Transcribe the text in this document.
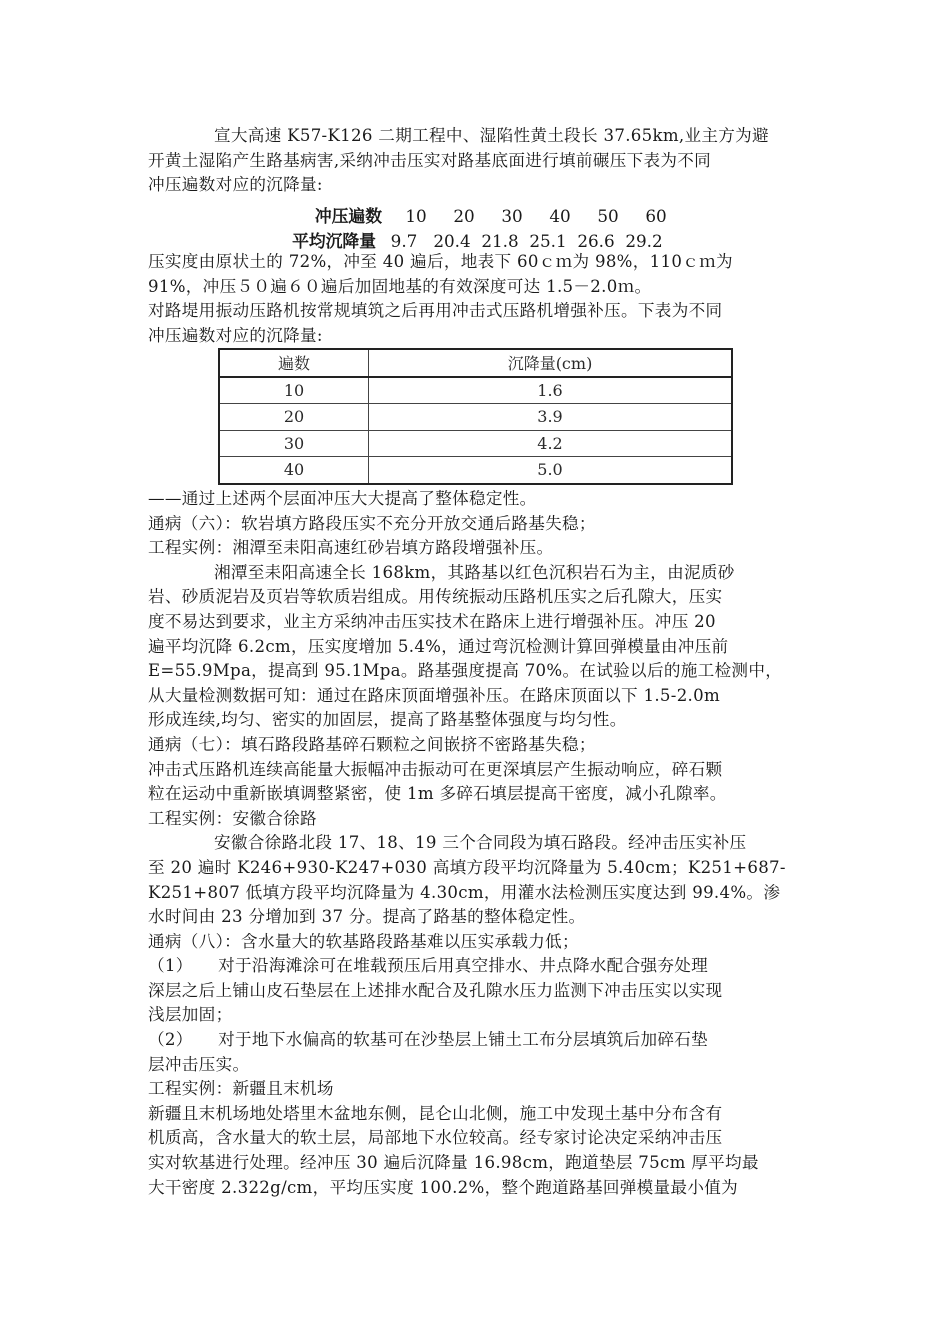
宣大高速 K57-K126 二期工程中、湿陷性黄土段长 37.65km,业主方为避

开黄土湿陷产生路基病害,采纳冲击压实对路基底面进行填前碾压下表为不同

冲压遍数对应的沉降量:

冲压遍数	10	20	30	40	50	60
平均沉降量 9.7 20.4 21.8 25.1 26.6 29.2

压实度由原状土的 72%，冲至 40 遍后，地表下 60ｃｍ为 98%，110ｃｍ为

91%，冲压５０遍６０遍后加固地基的有效深度可达 1.5－2.0ｍ。

对路堤用振动压路机按常规填筑之后再用冲击式压路机增强补压。下表为不同

冲压遍数对应的沉降量:

遍数	沉降量(cm)
10	1.6
20	3.9
30	4.2
40	5.0

——通过上述两个层面冲压大大提高了整体稳定性。

通病（六）：软岩填方路段压实不充分开放交通后路基失稳；

工程实例：湘潭至耒阳高速红砂岩填方路段增强补压。

湘潭至耒阳高速全长 168km，其路基以红色沉积岩石为主，由泥质砂

岩、砂质泥岩及页岩等软质岩组成。用传统振动压路机压实之后孔隙大，压实

度不易达到要求，业主方采纳冲击压实技术在路床上进行增强补压。冲压 20

遍平均沉降 6.2cm，压实度增加 5.4%，通过弯沉检测计算回弹模量由冲压前

E=55.9Mpa，提高到 95.1Mpa。路基强度提高 70%。在试验以后的施工检测中，

从大量检测数据可知：通过在路床顶面增强补压。在路床顶面以下 1.5-2.0m

形成连续,均匀、密实的加固层，提高了路基整体强度与均匀性。

通病（七）：填石路段路基碎石颗粒之间嵌挤不密路基失稳；

冲击式压路机连续高能量大振幅冲击振动可在更深填层产生振动响应，碎石颗

粒在运动中重新嵌填调整紧密，使 1m 多碎石填层提高干密度，减小孔隙率。

工程实例：安徽合徐路

安徽合徐路北段 17、18、19 三个合同段为填石路段。经冲击压实补压

至 20 遍时 K246+930-K247+030 高填方段平均沉降量为 5.40cm；K251+687-

K251+807 低填方段平均沉降量为 4.30cm，用灌水法检测压实度达到 99.4%。渗

水时间由 23 分增加到 37 分。提高了路基的整体稳定性。

通病（八）：含水量大的软基路段路基难以压实承载力低；

（1）　　对于沿海滩涂可在堆载预压后用真空排水、井点降水配合强夯处理

深层之后上铺山皮石垫层在上述排水配合及孔隙水压力监测下冲击压实以实现

浅层加固；

（2）　　对于地下水偏高的软基可在沙垫层上铺土工布分层填筑后加碎石垫

层冲击压实。

工程实例：新疆且末机场

新疆且末机场地处塔里木盆地东侧，昆仑山北侧，施工中发现土基中分布含有

机质高，含水量大的软土层，局部地下水位较高。经专家讨论决定采纳冲击压

实对软基进行处理。经冲压 30 遍后沉降量 16.98cm，跑道垫层 75cm 厚平均最

大干密度 2.322g/cm，平均压实度 100.2%，整个跑道路基回弹模量最小值为
